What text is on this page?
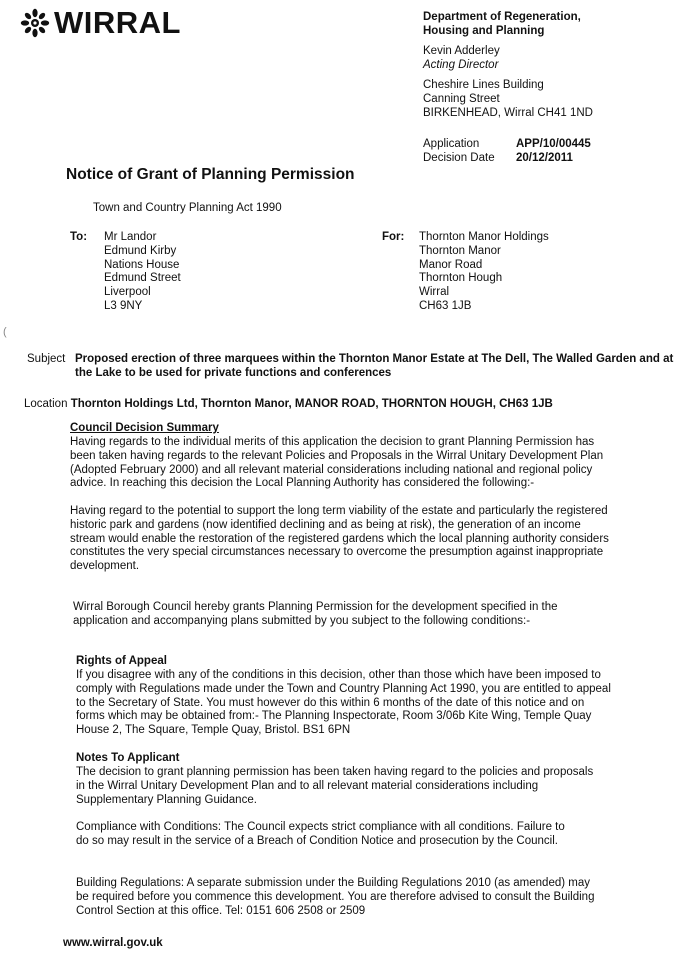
WIRRAL	Department of Regeneration,
Housing and Planning
Kevin Adderley
Acting Director
Cheshire Lines Building
Canning Street
BIRKENHEAD, Wirral CH41 1ND
Application	APP/10/00445
Decision Date	20/12/2011
Notice of Grant of Planning Permission
Town and Country Planning Act 1990
To: Mr Landor
Edmund Kirby
Nations House
Edmund Street
Liverpool
L3 9NY
For: Thornton Manor Holdings
Thornton Manor
Manor Road
Thornton Hough
Wirral
CH63 1JB
(
Subject Proposed erection of three marquees within the Thornton Manor Estate at The Dell, The Walled Garden and at the Lake to be used for private functions and conferences
Location Thornton Holdings Ltd, Thornton Manor, MANOR ROAD, THORNTON HOUGH, CH63 1JB
Council Decision Summary
Having regards to the individual merits of this application the decision to grant Planning Permission has been taken having regards to the relevant Policies and Proposals in the Wirral Unitary Development Plan (Adopted February 2000) and all relevant material considerations including national and regional policy advice. In reaching this decision the Local Planning Authority has considered the following:-
Having regard to the potential to support the long term viability of the estate and particularly the registered historic park and gardens (now identified declining and as being at risk), the generation of an income stream would enable the restoration of the registered gardens which the local planning authority considers constitutes the very special circumstances necessary to overcome the presumption against inappropriate development.
Wirral Borough Council hereby grants Planning Permission for the development specified in the application and accompanying plans submitted by you subject to the following conditions:-
Rights of Appeal
If you disagree with any of the conditions in this decision, other than those which have been imposed to comply with Regulations made under the Town and Country Planning Act 1990, you are entitled to appeal to the Secretary of State. You must however do this within 6 months of the date of this notice and on forms which may be obtained from:- The Planning Inspectorate, Room 3/06b Kite Wing, Temple Quay House 2, The Square, Temple Quay, Bristol. BS1 6PN
Notes To Applicant
The decision to grant planning permission has been taken having regard to the policies and proposals in the Wirral Unitary Development Plan and to all relevant material considerations including Supplementary Planning Guidance.
Compliance with Conditions: The Council expects strict compliance with all conditions. Failure to do so may result in the service of a Breach of Condition Notice and prosecution by the Council.
Building Regulations: A separate submission under the Building Regulations 2010 (as amended) may be required before you commence this development. You are therefore advised to consult the Building Control Section at this office. Tel: 0151 606 2508 or 2509
www.wirral.gov.uk
